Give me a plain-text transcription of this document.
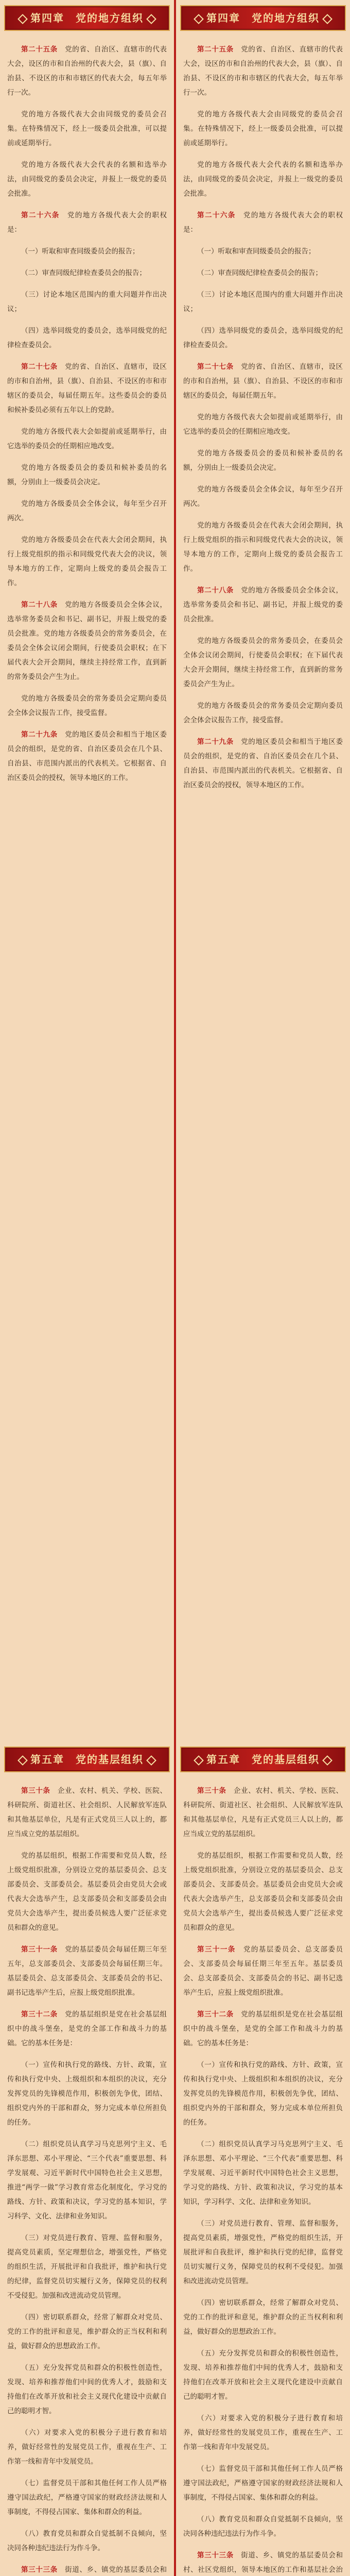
第四章　党的地方组织

第二十五条　 党的省、自治区、直辖市的代表大会，设区的市和自治州的代表大会，县（旗）、自治县、不设区的市和市辖区的代表大会，每五年举行一次。

党的地方各级代表大会由同级党的委员会召集。在特殊情况下，经上一级委员会批准，可以提前或延期举行。

党的地方各级代表大会代表的名额和选举办法，由同级党的委员会决定，并报上一级党的委员会批准。

第二十六条　 党的地方各级代表大会的职权是：

（一）听取和审查同级委员会的报告；

（二）审查同级纪律检查委员会的报告；

（三）讨论本地区范围内的重大问题并作出决议；

（四）选举同级党的委员会，选举同级党的纪律检查委员会。

第二十七条　 党的省、自治区、直辖市，设区的市和自治州，县（旗）、自治县、不设区的市和市辖区的委员会，每届任期五年。这些委员会的委员和候补委员必须有五年以上的党龄。

党的地方各级代表大会如提前或延期举行，由它选举的委员会的任期相应地改变。

党的地方各级委员会的委员和候补委员的名额，分别由上一级委员会决定。

党的地方各级委员会全体会议，每年至少召开两次。

党的地方各级委员会在代表大会闭会期间，执行上级党组织的指示和同级党代表大会的决议，领导本地方的工作，定期向上级党的委员会报告工作。

第二十八条　 党的地方各级委员会全体会议，选举常务委员会和书记、副书记，并报上级党的委员会批准。党的地方各级委员会的常务委员会，在委员会全体会议闭会期间，行使委员会职权；在下届代表大会开会期间，继续主持经常工作，直到新的常务委员会产生为止。

党的地方各级委员会的常务委员会定期向委员会全体会议报告工作，接受监督。

第二十九条　 党的地区委员会和相当于地区委员会的组织，是党的省、自治区委员会在几个县、自治县、市范围内派出的代表机关。它根据省、自治区委员会的授权，领导本地区的工作。

第四章　党的地方组织

第二十五条　 党的省、自治区、直辖市的代表大会，设区的市和自治州的代表大会，县（旗）、自治县、不设区的市和市辖区的代表大会，每五年举行一次。

党的地方各级代表大会由同级党的委员会召集。在特殊情况下，经上一级委员会批准，可以提前或延期举行。

党的地方各级代表大会代表的名额和选举办法，由同级党的委员会决定，并报上一级党的委员会批准。

第二十六条　 党的地方各级代表大会的职权是：

（一）听取和审查同级委员会的报告；

（二）审查同级纪律检查委员会的报告；

（三）讨论本地区范围内的重大问题并作出决议；

（四）选举同级党的委员会，选举同级党的纪律检查委员会。

第二十七条　 党的省、自治区、直辖市，设区的市和自治州，县（旗）、自治县、不设区的市和市辖区的委员会，每届任期五年。

党的地方各级代表大会如提前或延期举行，由它选举的委员会的任期相应地改变。

党的地方各级委员会的委员和候补委员的名额，分别由上一级委员会决定。

党的地方各级委员会全体会议，每年至少召开两次。

党的地方各级委员会在代表大会闭会期间，执行上级党组织的指示和同级党代表大会的决议，领导本地方的工作，定期向上级党的委员会报告工作。

第二十八条　 党的地方各级委员会全体会议，选举常务委员会和书记、副书记，并报上级党的委员会批准。

党的地方各级委员会的常务委员会，在委员会全体会议闭会期间，行使委员会职权；在下届代表大会开会期间，继续主持经常工作，直到新的常务委员会产生为止。

党的地方各级委员会的常务委员会定期向委员会全体会议报告工作，接受监督。

第二十九条　 党的地区委员会和相当于地区委员会的组织，是党的省、自治区委员会在几个县、自治县、市范围内派出的代表机关。它根据省、自治区委员会的授权，领导本地区的工作。

第五章　党的基层组织

第三十条　 企业、农村、机关、学校、医院、科研院所、街道社区、社会组织、人民解放军连队和其他基层单位，凡是有正式党员三人以上的，都应当成立党的基层组织。

党的基层组织，根据工作需要和党员人数，经上级党组织批准，分别设立党的基层委员会、总支部委员会、支部委员会。基层委员会由党员大会或代表大会选举产生，总支部委员会和支部委员会由党员大会选举产生，提出委员候选人要广泛征求党员和群众的意见。

第三十一条　 党的基层委员会每届任期三年至五年，总支部委员会、支部委员会每届任期三年。基层委员会、总支部委员会、支部委员会的书记、副书记选举产生后，应报上级党组织批准。

第三十二条　 党的基层组织是党在社会基层组织中的战斗堡垒，是党的全部工作和战斗力的基础。它的基本任务是：

（一）宣传和执行党的路线、方针、政策，宣传和执行党中央、上级组织和本组织的决议，充分发挥党员的先锋模范作用，积极创先争优，团结、组织党内外的干部和群众，努力完成本单位所担负的任务。

（二）组织党员认真学习马克思列宁主义、毛泽东思想、邓小平理论、“三个代表”重要思想、科学发展观、习近平新时代中国特色社会主义思想，推进“两学一做”学习教育常态化制度化，学习党的路线、方针、政策和决议，学习党的基本知识，学习科学、文化、法律和业务知识。

（三）对党员进行教育、管理、监督和服务，提高党员素质，坚定理想信念，增强党性，严格党的组织生活，开展批评和自我批评，维护和执行党的纪律，监督党员切实履行义务，保障党员的权利不受侵犯。加强和改进流动党员管理。

（四）密切联系群众，经常了解群众对党员、党的工作的批评和意见，维护群众的正当权利和利益，做好群众的思想政治工作。

（五）充分发挥党员和群众的积极性创造性，发现、培养和推荐他们中间的优秀人才，鼓励和支持他们在改革开放和社会主义现代化建设中贡献自己的聪明才智。

（六）对要求入党的积极分子进行教育和培养，做好经常性的发展党员工作，重视在生产、工作第一线和青年中发展党员。

（七）监督党员干部和其他任何工作人员严格遵守国法政纪，严格遵守国家的财政经济法规和人事制度，不得侵占国家、集体和群众的利益。

（八）教育党员和群众自觉抵制不良倾向，坚决同各种违纪违法行为作斗争。

第三十三条　 街道、乡、镇党的基层委员会和

第五章　党的基层组织

第三十条　 企业、农村、机关、学校、医院、科研院所、街道社区、社会组织、人民解放军连队和其他基层单位，凡是有正式党员三人以上的，都应当成立党的基层组织。

党的基层组织，根据工作需要和党员人数，经上级党组织批准，分别设立党的基层委员会、总支部委员会、支部委员会。基层委员会由党员大会或代表大会选举产生，总支部委员会和支部委员会由党员大会选举产生，提出委员候选人要广泛征求党员和群众的意见。

第三十一条　 党的基层委员会、总支部委员会、支部委员会每届任期三年至五年。基层委员会、总支部委员会、支部委员会的书记、副书记选举产生后，应报上级党组织批准。

第三十二条　 党的基层组织是党在社会基层组织中的战斗堡垒，是党的全部工作和战斗力的基础。它的基本任务是：

（一）宣传和执行党的路线、方针、政策，宣传和执行党中央、上级组织和本组织的决议，充分发挥党员的先锋模范作用，积极创先争优，团结、组织党内外的干部和群众，努力完成本单位所担负的任务。

（二）组织党员认真学习马克思列宁主义、毛泽东思想、邓小平理论、“三个代表”重要思想、科学发展观、习近平新时代中国特色社会主义思想，学习党的路线、方针、政策和决议，学习党的基本知识，学习科学、文化、法律和业务知识。

（三）对党员进行教育、管理、监督和服务，提高党员素质，增强党性，严格党的组织生活，开展批评和自我批评，维护和执行党的纪律，监督党员切实履行义务，保障党员的权利不受侵犯。加强和改进流动党员管理。

（四）密切联系群众，经常了解群众对党员、党的工作的批评和意见，维护群众的正当权利和利益，做好群众的思想政治工作。

（五）充分发挥党员和群众的积极性创造性，发现、培养和推荐他们中间的优秀人才，鼓励和支持他们在改革开放和社会主义现代化建设中贡献自己的聪明才智。

（六）对要求入党的积极分子进行教育和培养，做好经常性的发展党员工作，重视在生产、工作第一线和青年中发展党员。

（七）监督党员干部和其他任何工作人员严格遵守国法政纪，严格遵守国家的财政经济法规和人事制度，不得侵占国家、集体和群众的利益。

（八）教育党员和群众自觉抵制不良倾向，坚决同各种违纪违法行为作斗争。

第三十三条　 街道、乡、镇党的基层委员会和村、社区党组织，领导本地区的工作和基层社会治
